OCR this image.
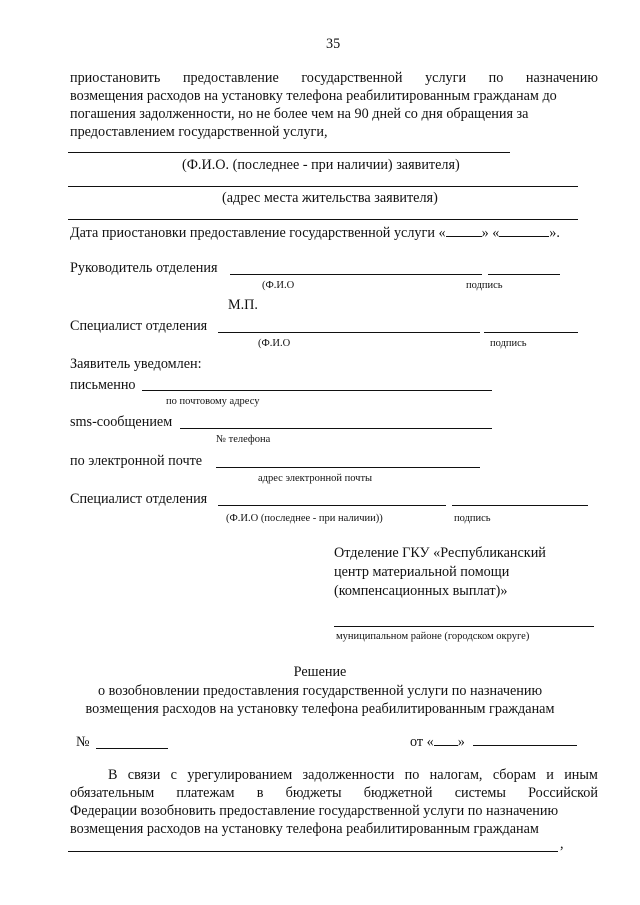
35
приостановить предоставление государственной услуги по назначению
возмещения расходов на установку телефона реабилитированным гражданам до
погашения задолженности, но не более чем на 90 дней со дня обращения за
предоставлением государственной услуги,
(Ф.И.О. (последнее - при наличии) заявителя)
(адрес места жительства заявителя)
Дата приостановки предоставление государственной услуги «	» «	».
Руководитель отделения
(Ф.И.О	подпись
М.П.
Специалист отделения
(Ф.И.О	подпись
Заявитель уведомлен:
письменно
по почтовому адресу
sms-сообщением
№ телефона
по электронной почте
адрес электронной почты
Специалист отделения
(Ф.И.О (последнее - при наличии))	подпись
Отделение ГКУ «Республиканский
центр материальной помощи
(компенсационных выплат)»
муниципальном районе (городском округе)
Решение
о возобновлении предоставления государственной услуги по назначению
возмещения расходов на установку телефона реабилитированным гражданам
№	от « »
В связи с урегулированием задолженности по налогам, сборам и иным
обязательным платежам в бюджеты бюджетной системы Российской
Федерации возобновить предоставление государственной услуги по назначению
возмещения расходов на установку телефона реабилитированным гражданам
,
